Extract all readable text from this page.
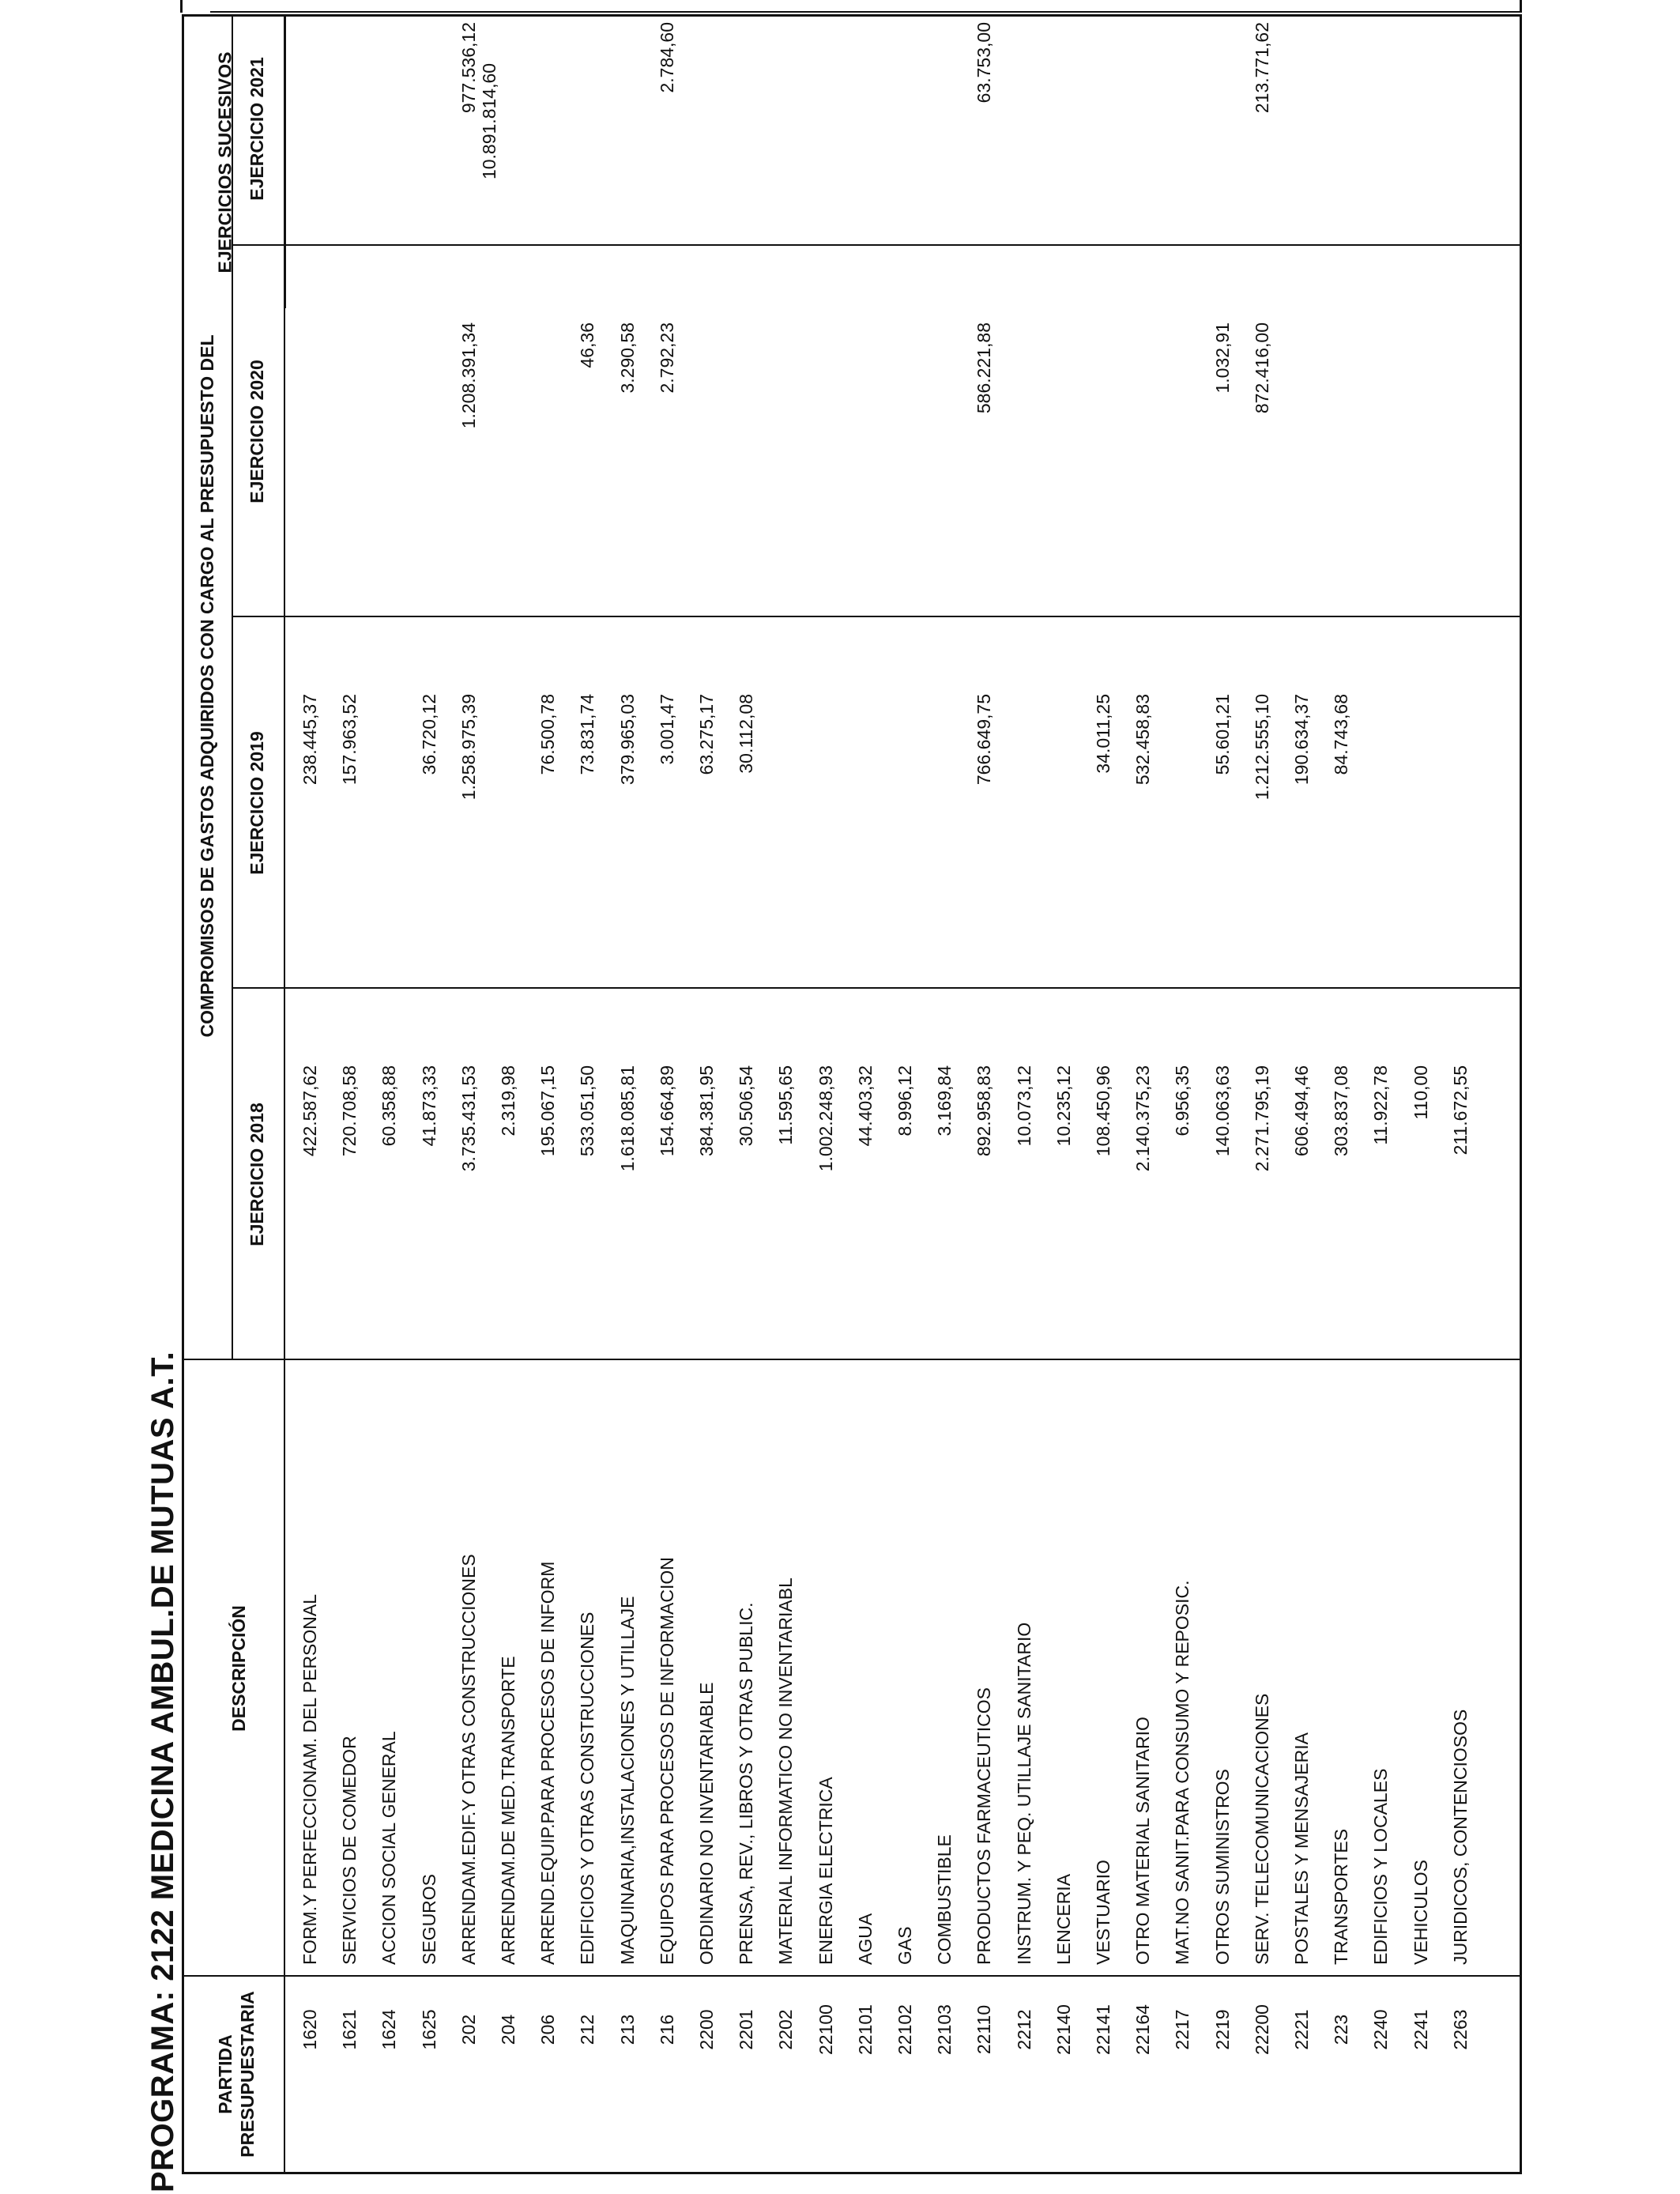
PROGRAMA: 2122 MEDICINA AMBUL.DE MUTUAS A.T. PARTIDA PRESUPUESTARIA
DESCRIPCIÓN
COMPROMISOS DE GASTOS ADQUIRIDOS CON CARGO AL PRESUPUESTO DEL
EJERCICIO 2018
EJERCICIO 2019
EJERCICIO 2020
EJERCICIO 2021
1620
FORM.Y PERFECCIONAM. DEL PERSONAL
422.587,62
238.445,37
1621
SERVICIOS DE COMEDOR
720.708,58
157.963,52
1624
ACCION SOCIAL GENERAL
60.358,88
1625
SEGUROS
41.873,33
36.720,12
202
ARRENDAM.EDIF.Y OTRAS CONSTRUCCIONES
3.735.431,53
1.258.975,39
1.208.391,34
977.536,12
204
ARRENDAM.DE MED.TRANSPORTE
2.319,98
206
ARREND.EQUIP.PARA PROCESOS DE INFORM
195.067,15
76.500,78
212
EDIFICIOS Y OTRAS CONSTRUCCIONES
533.051,50
73.831,74
46,36
213
MAQUINARIA,INSTALACIONES Y UTILLAJE
1.618.085,81
379.965,03
3.290,58
216
EQUIPOS PARA PROCESOS DE INFORMACION
154.664,89
3.001,47
2.792,23
2.784,60
2200
ORDINARIO NO INVENTARIABLE
384.381,95
63.275,17
2201
PRENSA, REV., LIBROS Y OTRAS PUBLIC.
30.506,54
30.112,08
2202
MATERIAL INFORMATICO NO INVENTARIABL
11.595,65
22100
ENERGIA ELECTRICA
1.002.248,93
22101
AGUA
44.403,32
22102
GAS
8.996,12
22103
COMBUSTIBLE
3.169,84
22110
PRODUCTOS FARMACEUTICOS
892.958,83
766.649,75
586.221,88
63.753,00
2212
INSTRUM. Y PEQ. UTILLAJE SANITARIO
10.073,12
22140
LENCERIA
10.235,12
22141
VESTUARIO
108.450,96
34.011,25
22164
OTRO MATERIAL SANITARIO
2.140.375,23
532.458,83
2217
MAT.NO SANIT.PARA CONSUMO Y REPOSIC.
6.956,35
2219
OTROS SUMINISTROS
140.063,63
55.601,21
1.032,91
22200
SERV. TELECOMUNICACIONES
2.271.795,19
1.212.555,10
872.416,00
213.771,62
2221
POSTALES Y MENSAJERIA
606.494,46
190.634,37
223
TRANSPORTES
303.837,08
84.743,68
2240
EDIFICIOS Y LOCALES
11.922,78
2241
VEHICULOS
110,00
2263
JURIDICOS, CONTENCIOSOS
211.672,55
EJERCICIOS SUCESIVOS	10.891.814,60
